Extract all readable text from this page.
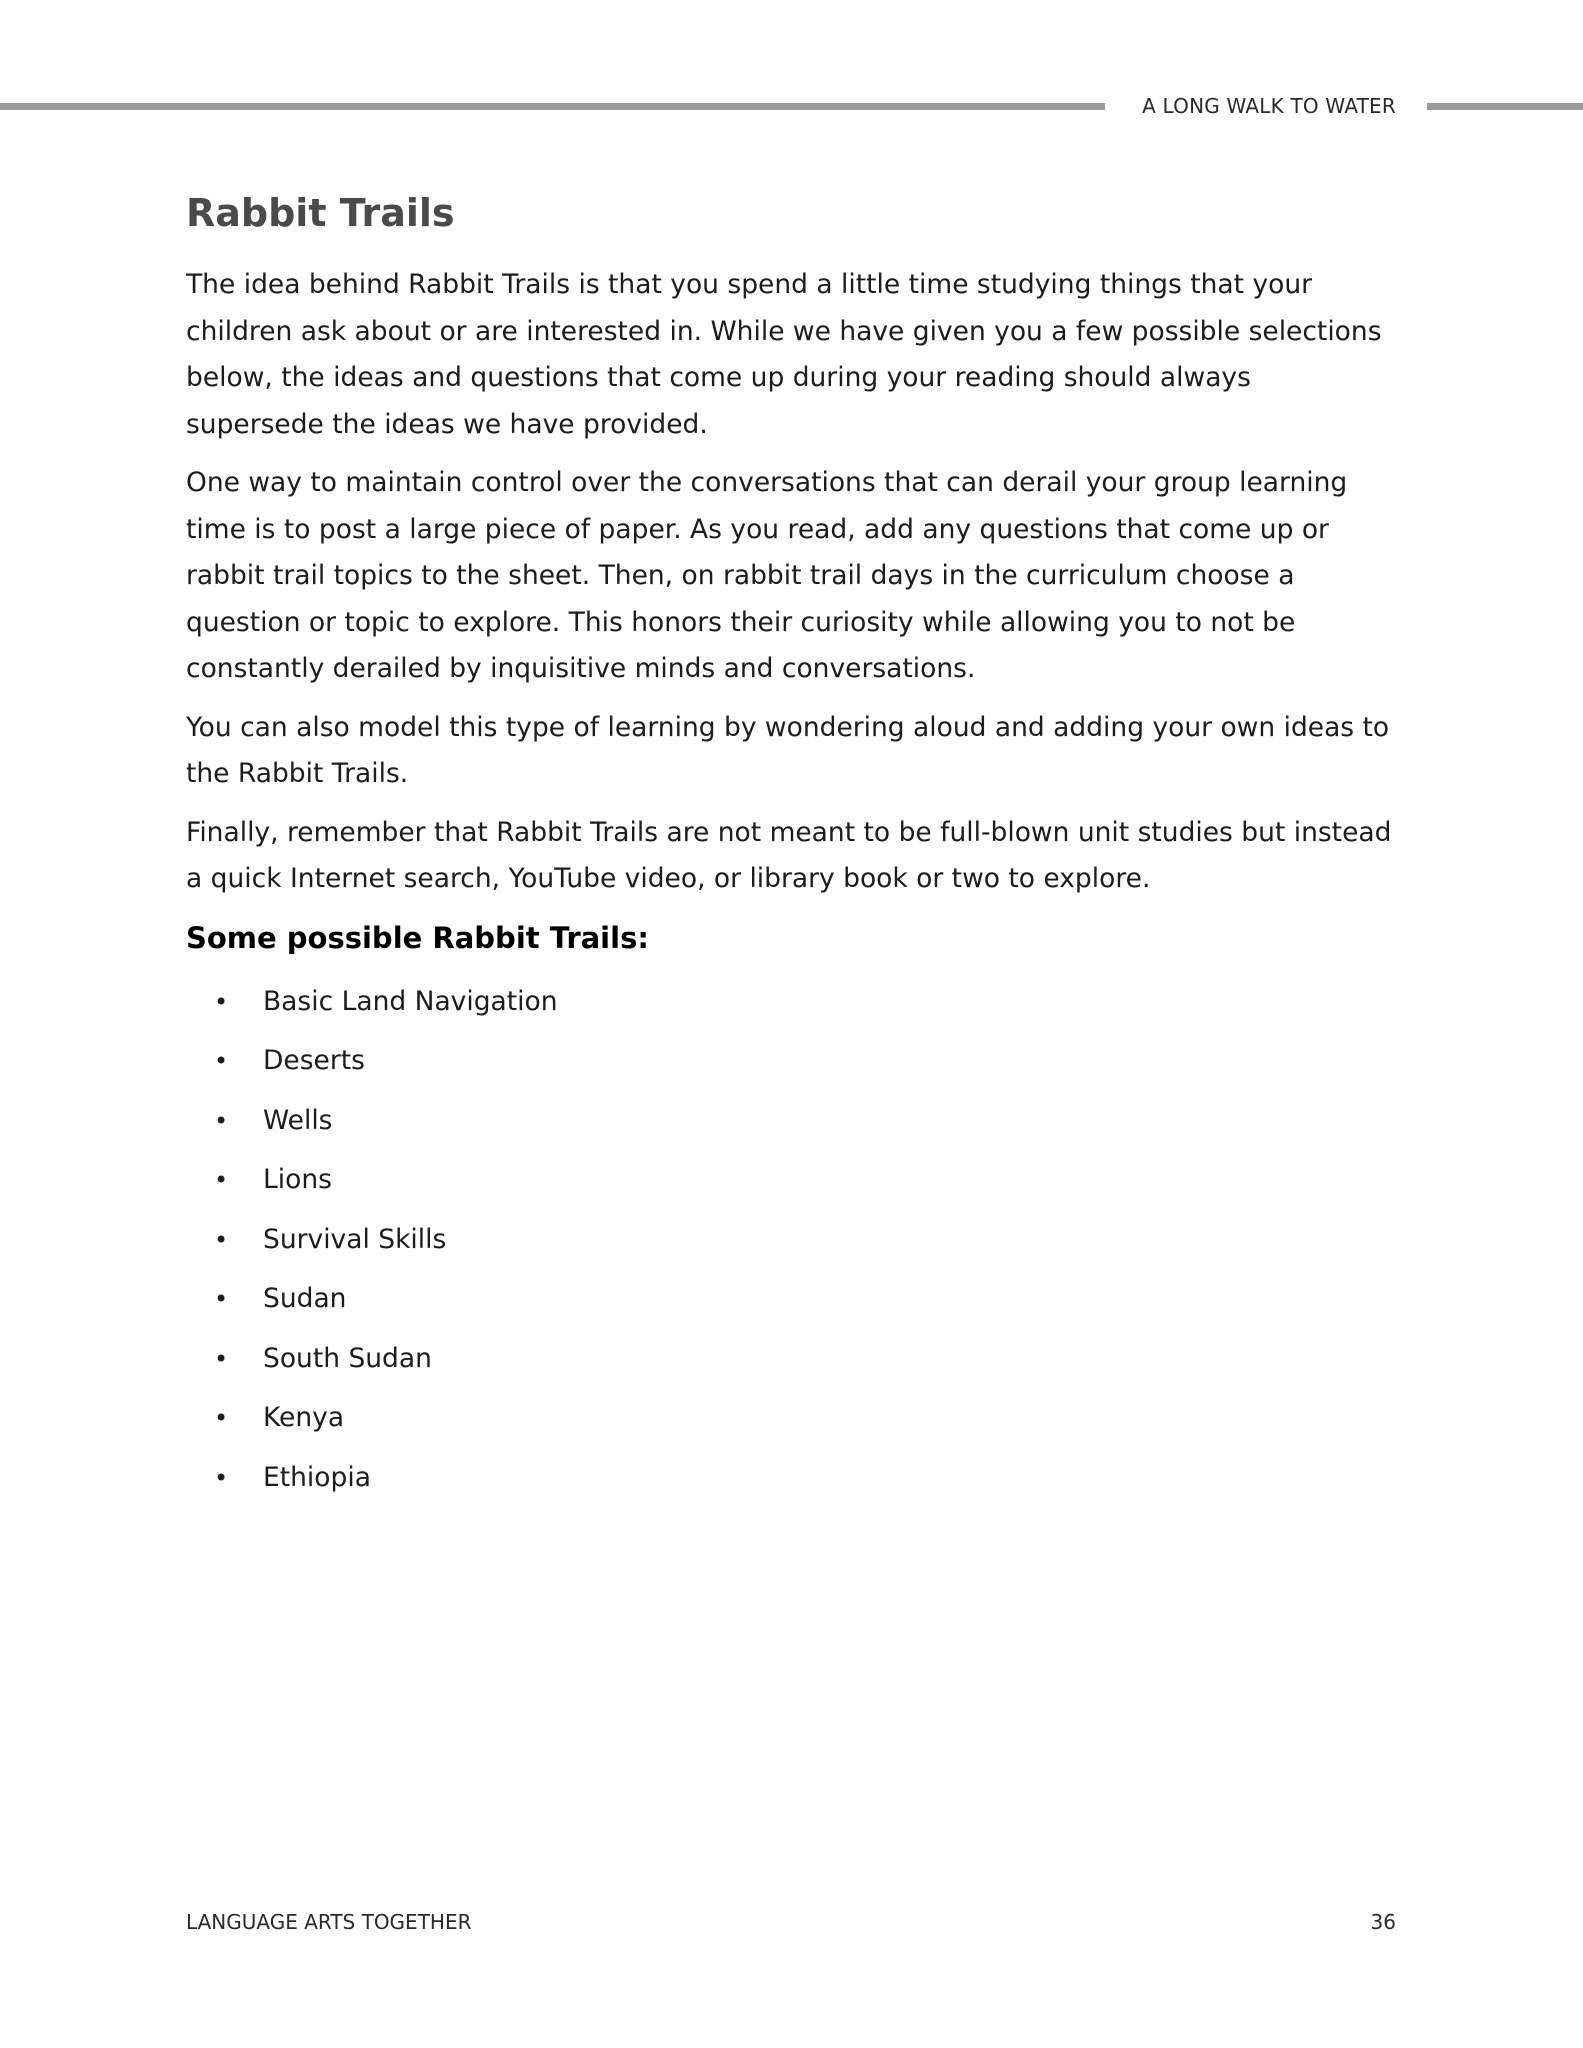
A LONG WALK TO WATER
Rabbit Trails

The idea behind Rabbit Trails is that you spend a little time studying things that your children ask about or are interested in. While we have given you a few possible selections below, the ideas and questions that come up during your reading should always supersede the ideas we have provided.

One way to maintain control over the conversations that can derail your group learning time is to post a large piece of paper. As you read, add any questions that come up or rabbit trail topics to the sheet. Then, on rabbit trail days in the curriculum choose a question or topic to explore. This honors their curiosity while allowing you to not be constantly derailed by inquisitive minds and conversations.

You can also model this type of learning by wondering aloud and adding your own ideas to the Rabbit Trails.

Finally, remember that Rabbit Trails are not meant to be full-blown unit studies but instead a quick Internet search, YouTube video, or library book or two to explore.

Some possible Rabbit Trails:
• Basic Land Navigation
• Deserts
• Wells
• Lions
• Survival Skills
• Sudan
• South Sudan
• Kenya
• Ethiopia
LANGUAGE ARTS TOGETHER	36
